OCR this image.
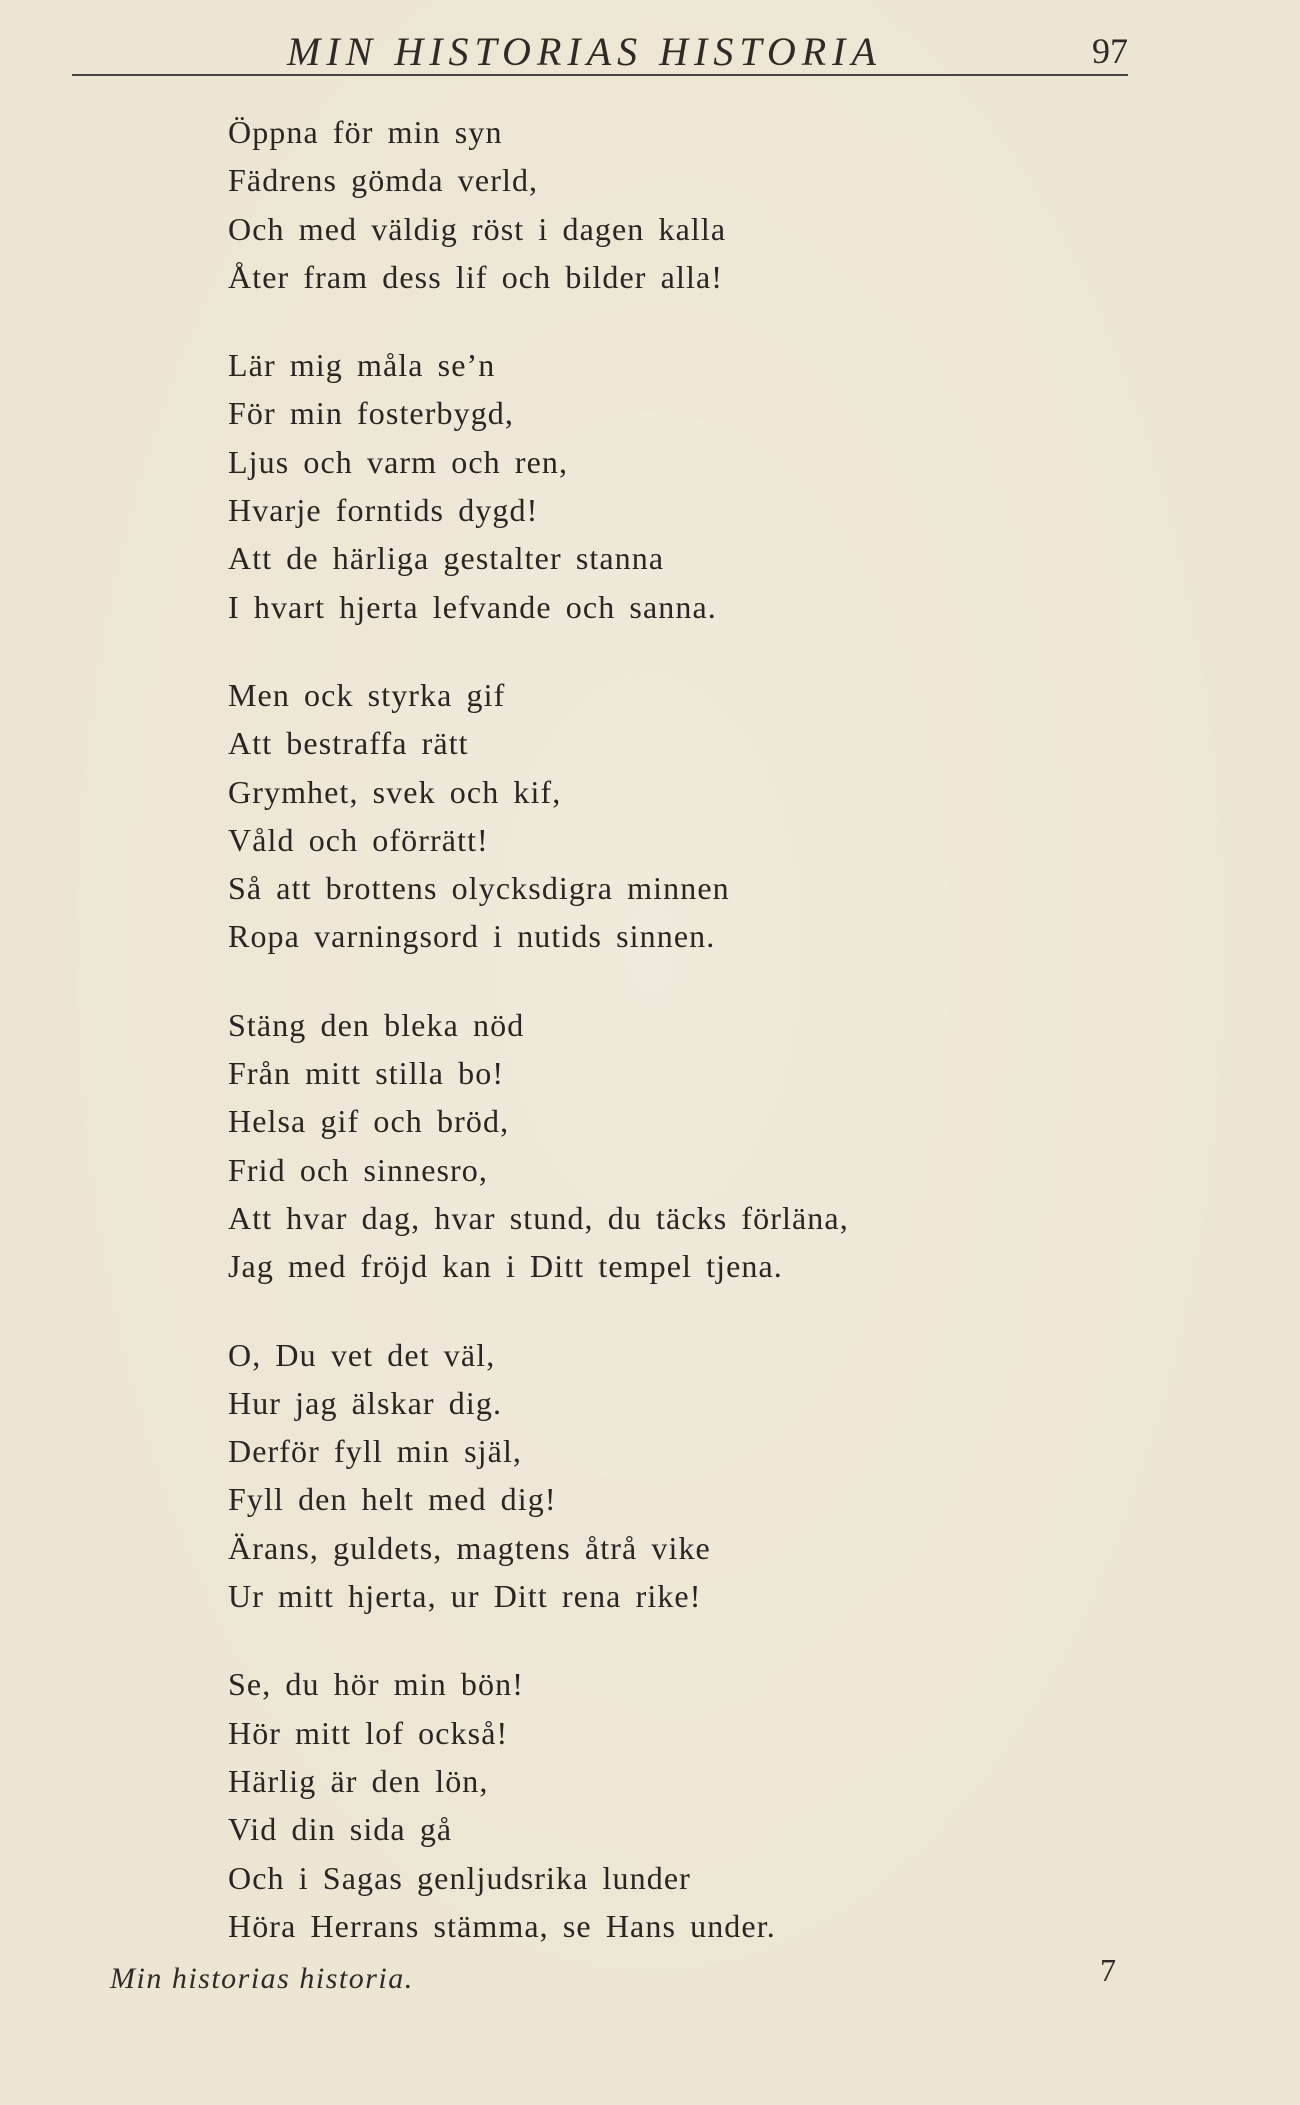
MIN HISTORIAS HISTORIA	97
Öppna för min syn
Fädrens gömda verld,
Och med väldig röst i dagen kalla
Åter fram dess lif och bilder alla!
Lär mig måla se’n
För min fosterbygd,
Ljus och varm och ren,
Hvarje forntids dygd!
Att de härliga gestalter stanna
I hvart hjerta lefvande och sanna.
Men ock styrka gif
Att bestraffa rätt
Grymhet, svek och kif,
Våld och oförrätt!
Så att brottens olycksdigra minnen
Ropa varningsord i nutids sinnen.
Stäng den bleka nöd
Från mitt stilla bo!
Helsa gif och bröd,
Frid och sinnesro,
Att hvar dag, hvar stund, du täcks förläna,
Jag med fröjd kan i Ditt tempel tjena.
O, Du vet det väl,
Hur jag älskar dig.
Derför fyll min själ,
Fyll den helt med dig!
Ärans, guldets, magtens åtrå vike
Ur mitt hjerta, ur Ditt rena rike!
Se, du hör min bön!
Hör mitt lof också!
Härlig är den lön,
Vid din sida gå
Och i Sagas genljudsrika lunder
Höra Herrans stämma, se Hans under.
Min historias historia.	7
